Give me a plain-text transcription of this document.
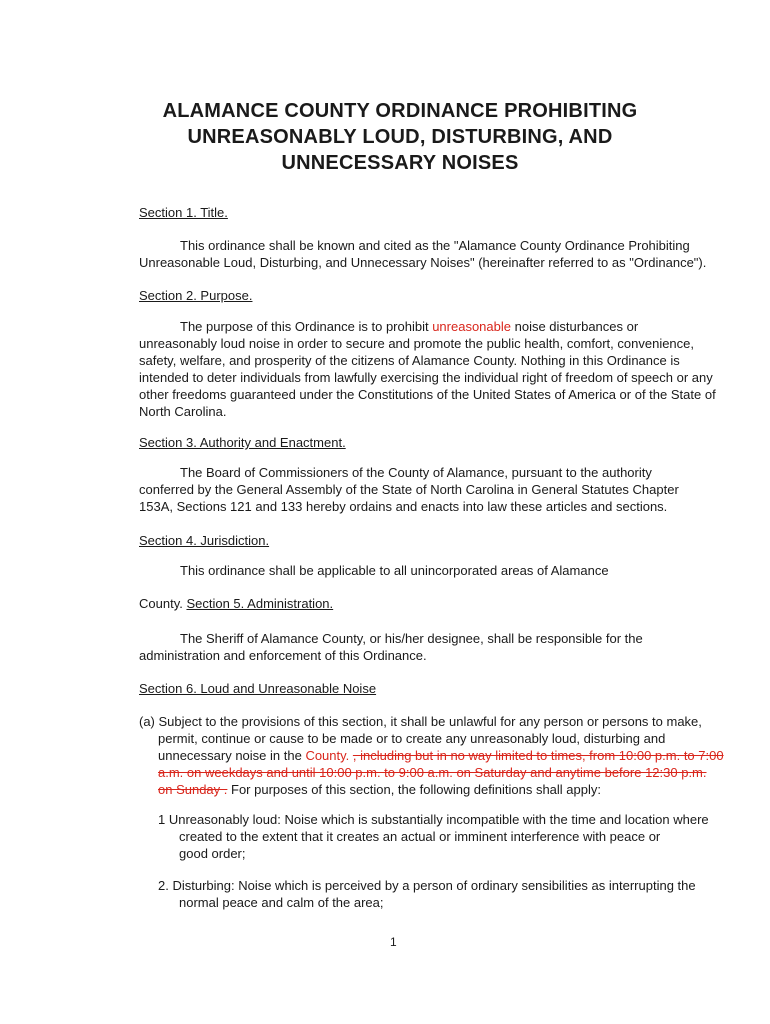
ALAMANCE COUNTY ORDINANCE PROHIBITING
UNREASONABLY LOUD, DISTURBING, AND
UNNECESSARY NOISES
Section 1. Title.
This ordinance shall be known and cited as the "Alamance County Ordinance Prohibiting
Unreasonable Loud, Disturbing, and Unnecessary Noises" (hereinafter referred to as "Ordinance").
Section 2. Purpose.
The purpose of this Ordinance is to prohibit unreasonable noise disturbances or
unreasonably loud noise in order to secure and promote the public health, comfort, convenience,
safety, welfare, and prosperity of the citizens of Alamance County. Nothing in this Ordinance is
intended to deter individuals from lawfully exercising the individual right of freedom of speech or any
other freedoms guaranteed under the Constitutions of the United States of America or of the State of
North Carolina.
Section 3. Authority and Enactment.
The Board of Commissioners of the County of Alamance, pursuant to the authority
conferred by the General Assembly of the State of North Carolina in General Statutes Chapter
153A, Sections 121 and 133 hereby ordains and enacts into law these articles and sections.
Section 4. Jurisdiction.
This ordinance shall be applicable to all unincorporated areas of Alamance
County. Section 5. Administration.
The Sheriff of Alamance County, or his/her designee, shall be responsible for the
administration and enforcement of this Ordinance.
Section 6. Loud and Unreasonable Noise
(a) Subject to the provisions of this section, it shall be unlawful for any person or persons to make,
permit, continue or cause to be made or to create any unreasonably loud, disturbing and
unnecessary noise in the County. , including but in no way limited to times, from 10:00 p.m. to 7:00
a.m. on weekdays and until 10:00 p.m. to 9:00 a.m. on Saturday and anytime before 12:30 p.m.
on Sunday . For purposes of this section, the following definitions shall apply:
1 Unreasonably loud: Noise which is substantially incompatible with the time and location where
created to the extent that it creates an actual or imminent interference with peace or
good order;
2. Disturbing: Noise which is perceived by a person of ordinary sensibilities as interrupting the
normal peace and calm of the area;
1
